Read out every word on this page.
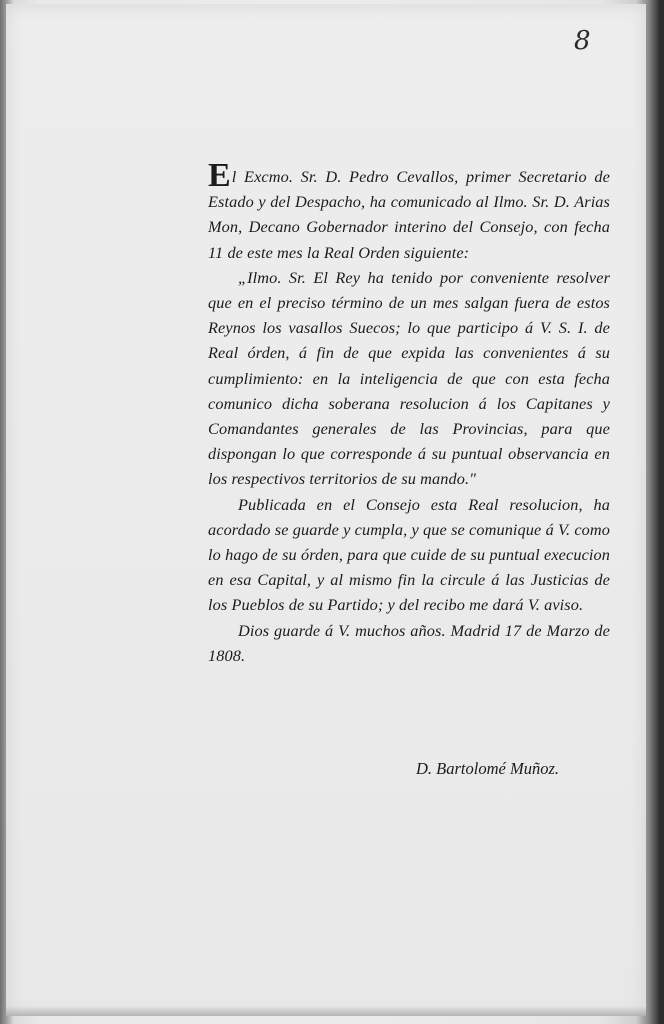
8

El Excmo. Sr. D. Pedro Cevallos, primer Secretario de Estado y del Despacho, ha comunicado al Ilmo. Sr. D. Arias Mon, Decano Gobernador interino del Consejo, con fecha 11 de este mes la Real Orden siguiente:

„Ilmo. Sr. El Rey ha tenido por conveniente resolver que en el preciso término de un mes salgan fuera de estos Reynos los vasallos Suecos; lo que participo á V. S. I. de Real órden, á fin de que expida las convenientes á su cumplimiento: en la inteligencia de que con esta fecha comunico dicha soberana resolucion á los Capitanes y Comandantes generales de las Provincias, para que dispongan lo que corresponde á su puntual observancia en los respectivos territorios de su mando."

Publicada en el Consejo esta Real resolucion, ha acordado se guarde y cumpla, y que se comunique á V. como lo hago de su órden, para que cuide de su puntual execucion en esa Capital, y al mismo fin la circule á las Justicias de los Pueblos de su Partido; y del recibo me dará V. aviso.

Dios guarde á V. muchos años. Madrid 17 de Marzo de 1808.

D. Bartolomé Muñoz.
